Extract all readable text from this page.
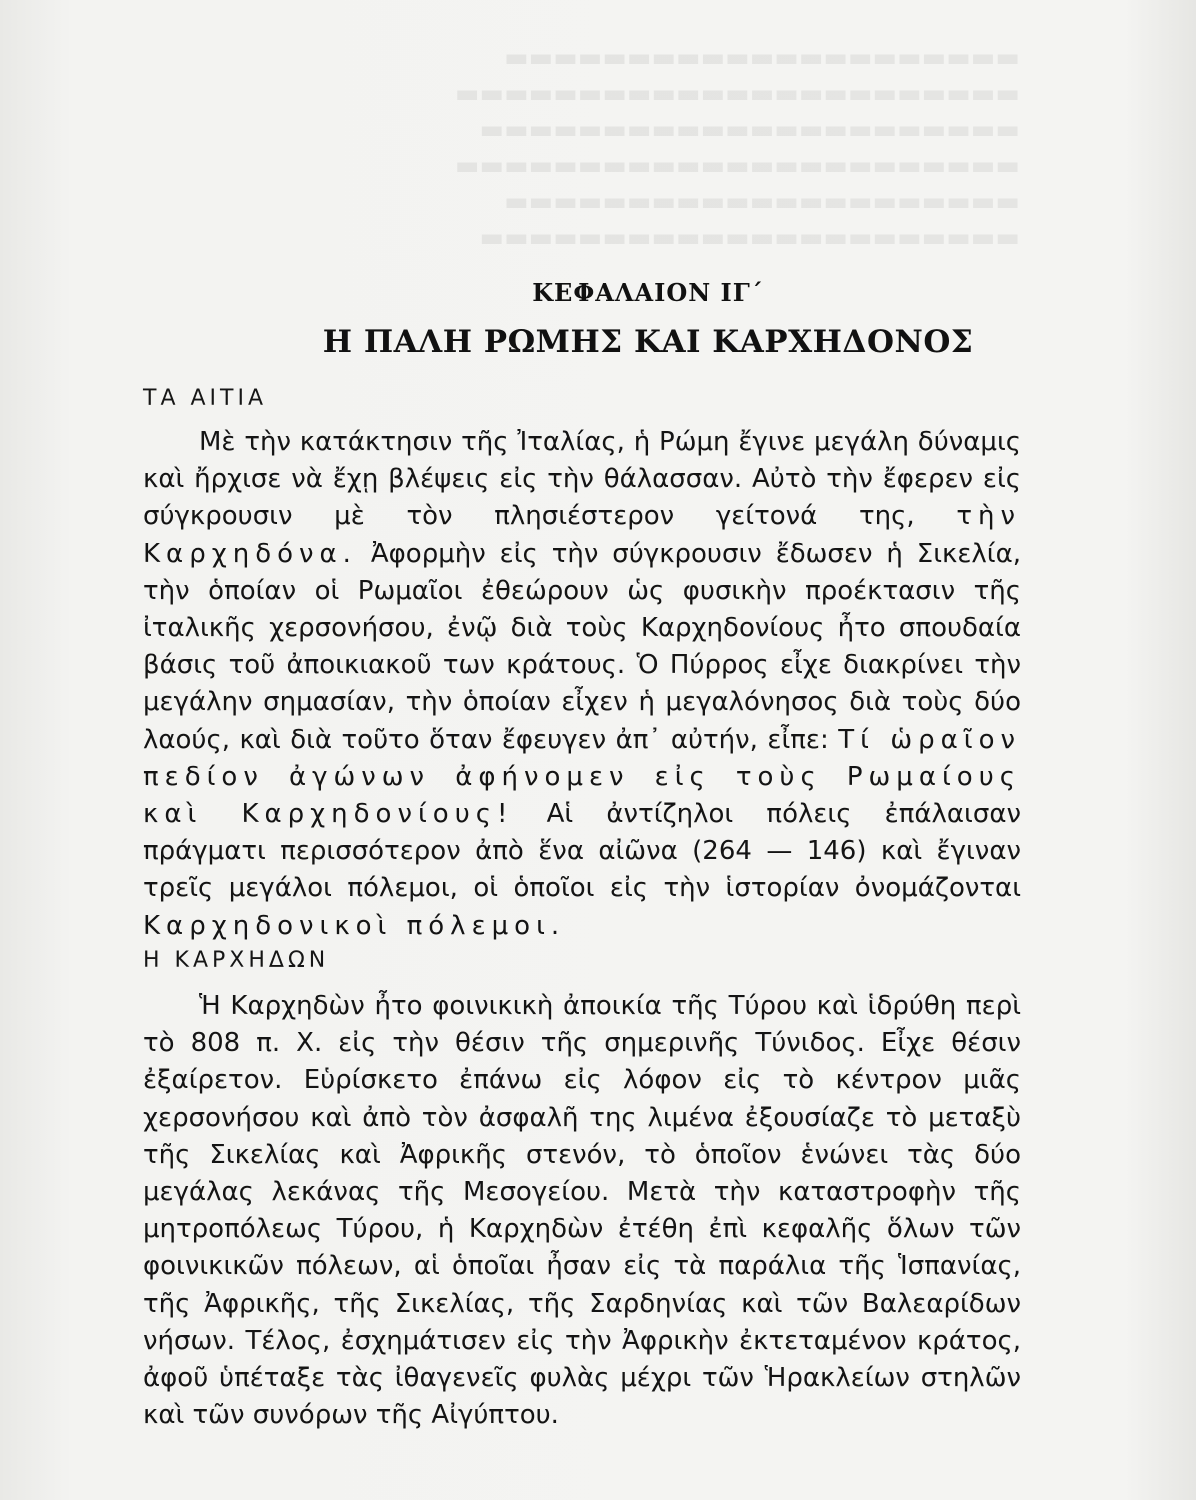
▬▬▬▬▬▬▬▬▬▬▬▬▬▬▬▬▬▬▬▬▬
▬▬▬▬▬▬▬▬▬▬▬▬▬▬▬▬▬▬▬▬▬▬▬
▬▬▬▬▬▬▬▬▬▬▬▬▬▬▬▬▬▬▬▬▬▬
▬▬▬▬▬▬▬▬▬▬▬▬▬▬▬▬▬▬▬▬▬▬▬
▬▬▬▬▬▬▬▬▬▬▬▬▬▬▬▬▬▬▬▬▬
▬▬▬▬▬▬▬▬▬▬▬▬▬▬▬▬▬▬▬▬▬▬
ΚΕΦΑΛΑΙΟΝ ΙΓ΄
Η ΠΑΛΗ ΡΩΜΗΣ ΚΑΙ ΚΑΡΧΗΔΟΝΟΣ
ΤΑ ΑΙΤΙΑ

Μὲ τὴν κατάκτησιν τῆς Ἰταλίας, ἡ Ρώμη ἔγινε μεγάλη δύναμις καὶ ἤρχισε νὰ ἔχῃ βλέψεις εἰς τὴν θάλασσαν. Αὐτὸ τὴν ἔφερεν εἰς σύγκρουσιν μὲ τὸν πλησιέστερον γείτονά της, τὴν Καρχηδόνα. Ἀφορμὴν εἰς τὴν σύγκρουσιν ἔδωσεν ἡ Σικελία, τὴν ὁποίαν οἱ Ρωμαῖοι ἐθεώρουν ὡς φυσικὴν προέκτασιν τῆς ἰταλικῆς χερσονήσου, ἐνῷ διὰ τοὺς Καρχηδονίους ἦτο σπουδαία βάσις τοῦ ἀποικιακοῦ των κράτους. Ὁ Πύρρος εἶχε διακρίνει τὴν μεγάλην σημασίαν, τὴν ὁποίαν εἶχεν ἡ μεγαλόνησος διὰ τοὺς δύο λαούς, καὶ διὰ τοῦτο ὅταν ἔφευγεν ἀπ᾽ αὐτήν, εἶπε: Τί ὡραῖον πεδίον ἀγώνων ἀφήνομεν εἰς τοὺς Ρωμαίους καὶ Καρχηδονίους! Αἱ ἀντίζηλοι πόλεις ἐπάλαισαν πράγματι περισσότερον ἀπὸ ἕνα αἰῶνα (264 — 146) καὶ ἔγιναν τρεῖς μεγάλοι πόλεμοι, οἱ ὁποῖοι εἰς τὴν ἱστορίαν ὀνομάζονται Καρχηδονικοὶ πόλεμοι.

Η ΚΑΡΧΗΔΩΝ

Ἡ Καρχηδὼν ἦτο φοινικικὴ ἀποικία τῆς Τύρου καὶ ἱδρύθη περὶ τὸ 808 π. Χ. εἰς τὴν θέσιν τῆς σημερινῆς Τύνιδος. Εἶχε θέσιν ἐξαίρετον. Εὑρίσκετο ἐπάνω εἰς λόφον εἰς τὸ κέντρον μιᾶς χερσονήσου καὶ ἀπὸ τὸν ἀσφαλῆ της λιμένα ἐξουσίαζε τὸ μεταξὺ τῆς Σικελίας καὶ Ἀφρικῆς στενόν, τὸ ὁποῖον ἑνώνει τὰς δύο μεγάλας λεκάνας τῆς Μεσογείου. Μετὰ τὴν καταστροφὴν τῆς μητροπόλεως Τύρου, ἡ Καρχηδὼν ἐτέθη ἐπὶ κεφαλῆς ὅλων τῶν φοινικικῶν πόλεων, αἱ ὁποῖαι ἦσαν εἰς τὰ παράλια τῆς Ἱσπανίας, τῆς Ἀφρικῆς, τῆς Σικελίας, τῆς Σαρδηνίας καὶ τῶν Βαλεαρίδων νήσων. Τέλος, ἐσχημάτισεν εἰς τὴν Ἀφρικὴν ἐκτεταμένον κράτος, ἀφοῦ ὑπέταξε τὰς ἰθαγενεῖς φυλὰς μέχρι τῶν Ἡρακλείων στηλῶν καὶ τῶν συνόρων τῆς Αἰγύπτου.
